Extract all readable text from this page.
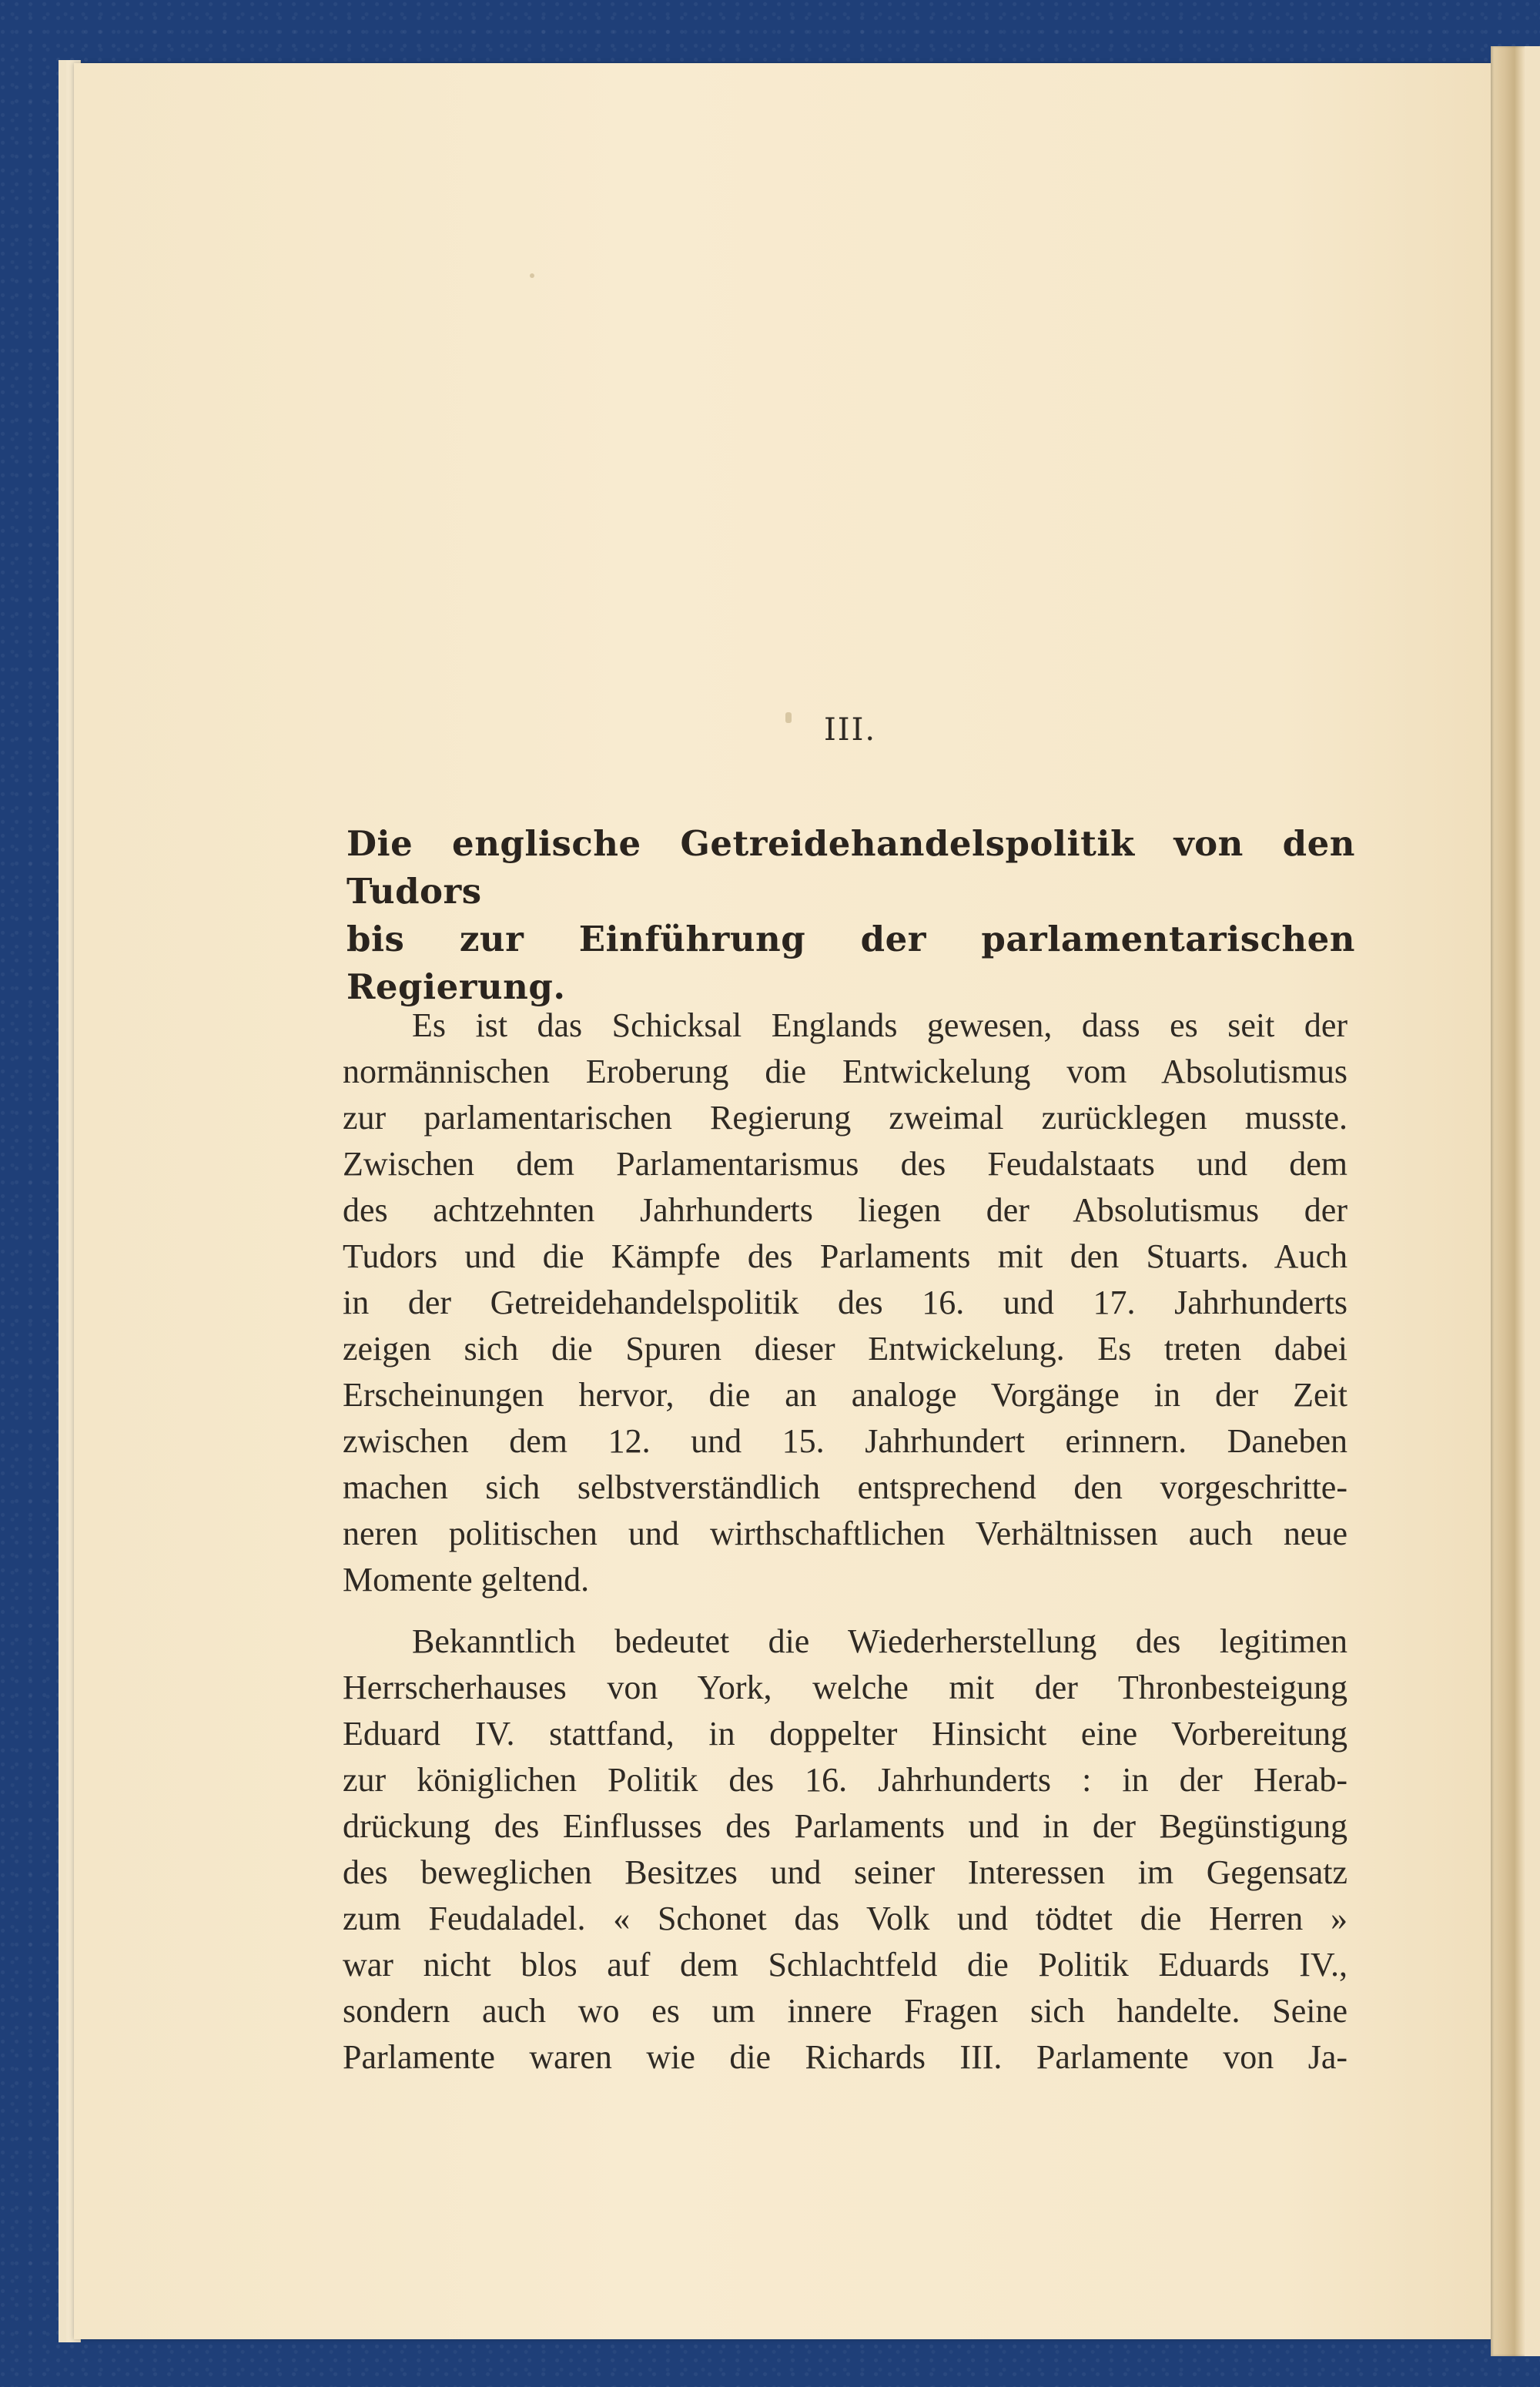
III.
Die englische Getreidehandelspolitik von den Tudors
bis zur Einführung der parlamentarischen Regierung.
Es ist das Schicksal Englands gewesen, dass es seit der
normännischen Eroberung die Entwickelung vom Absolutismus
zur parlamentarischen Regierung zweimal zurücklegen musste.
Zwischen dem Parlamentarismus des Feudalstaats und dem
des achtzehnten Jahrhunderts liegen der Absolutismus der
Tudors und die Kämpfe des Parlaments mit den Stuarts. Auch
in der Getreidehandelspolitik des 16. und 17. Jahrhunderts
zeigen sich die Spuren dieser Entwickelung. Es treten dabei
Erscheinungen hervor, die an analoge Vorgänge in der Zeit
zwischen dem 12. und 15. Jahrhundert erinnern. Daneben
machen sich selbstverständlich entsprechend den vorgeschritte-
neren politischen und wirthschaftlichen Verhältnissen auch neue
Momente geltend.
Bekanntlich bedeutet die Wiederherstellung des legitimen
Herrscherhauses von York, welche mit der Thronbesteigung
Eduard IV. stattfand, in doppelter Hinsicht eine Vorbereitung
zur königlichen Politik des 16. Jahrhunderts : in der Herab-
drückung des Einflusses des Parlaments und in der Begünstigung
des beweglichen Besitzes und seiner Interessen im Gegensatz
zum Feudaladel. « Schonet das Volk und tödtet die Herren »
war nicht blos auf dem Schlachtfeld die Politik Eduards IV.,
sondern auch wo es um innere Fragen sich handelte. Seine
Parlamente waren wie die Richards III. Parlamente von Ja-
